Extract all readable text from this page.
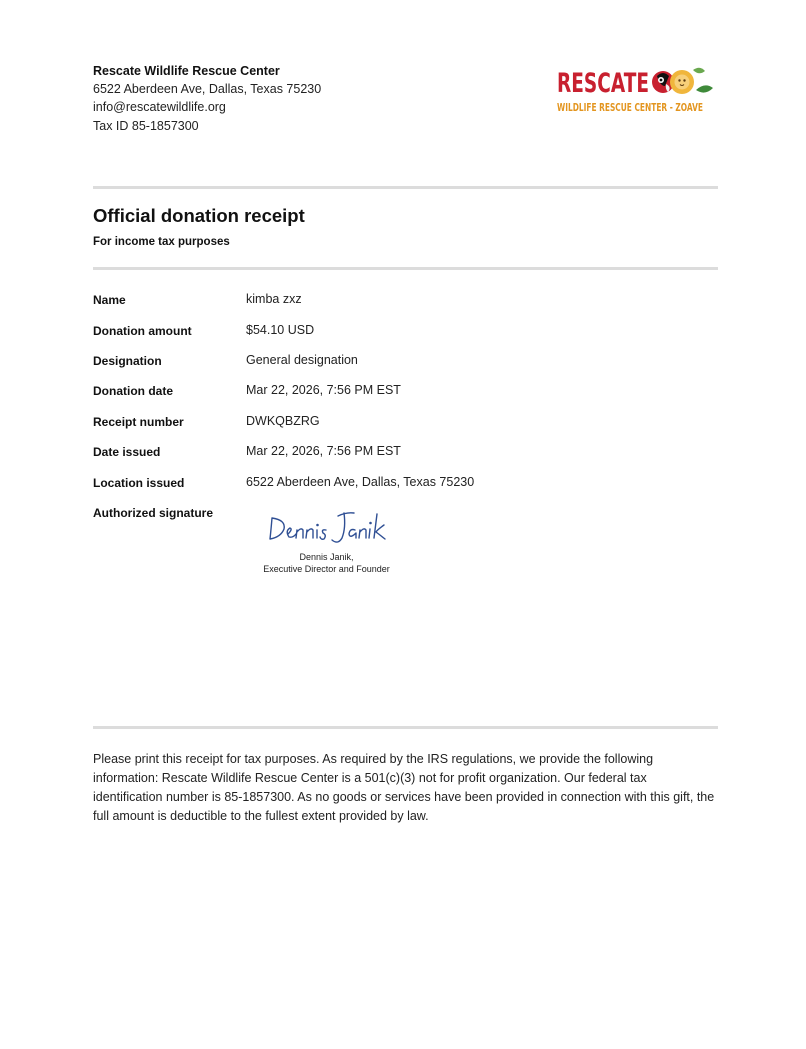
Rescate Wildlife Rescue Center
6522 Aberdeen Ave, Dallas, Texas 75230
info@rescatewildlife.org
Tax ID 85-1857300
RESCATE
WILDLIFE RESCUE CENTER - ZOAVE
Official donation receipt
For income tax purposes
Name	kimba zxz
Donation amount	$54.10 USD
Designation	General designation
Donation date	Mar 22, 2026, 7:56 PM EST
Receipt number	DWKQBZRG
Date issued	Mar 22, 2026, 7:56 PM EST
Location issued	6522 Aberdeen Ave, Dallas, Texas 75230
Authorized signature
Dennis Janik,
Executive Director and Founder

Please print this receipt for tax purposes. As required by the IRS regulations, we provide the following information: Rescate Wildlife Rescue Center is a 501(c)(3) not for profit organization. Our federal tax identification number is 85-1857300. As no goods or services have been provided in connection with this gift, the full amount is deductible to the fullest extent provided by law.
